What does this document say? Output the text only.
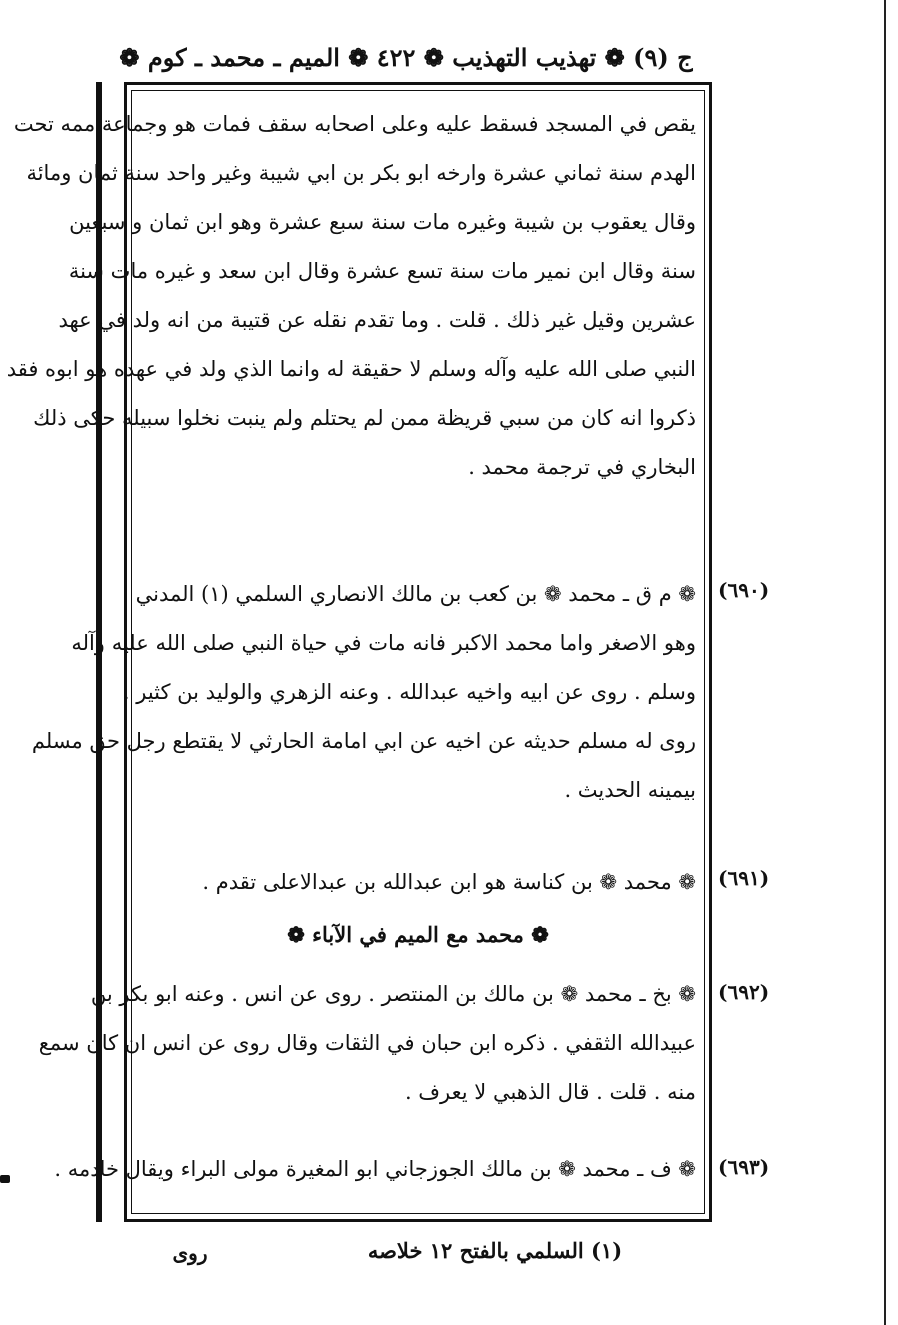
ج (٩) ❁ تهذيب التهذيب ❁ ٤٢٢ ❁ الميم ـ محمد ـ كوم ❁
يقص في المسجد فسقط عليه وعلى اصحابه سقف فمات هو وجماعة ممه تحت
الهدم سنة ثماني عشرة وارخه ابو بكر بن ابي شيبة وغير واحد سنة ثمان ومائة
وقال يعقوب بن شيبة وغيره مات سنة سبع عشرة وهو ابن ثمان و سبعين
سنة وقال ابن نمير مات سنة تسع عشرة وقال ابن سعد و غيره مات سنة
عشرين وقيل غير ذلك . قلت . وما تقدم نقله عن قتيبة من انه ولد في عهد
النبي صلى الله عليه وآله وسلم لا حقيقة له وانما الذي ولد في عهده هو ابوه فقد
ذكروا انه كان من سبي قريظة ممن لم يحتلم ولم ينبت نخلوا سبيله حكى ذلك
البخاري في ترجمة محمد .
(٦٩٠)
❁ م ق ـ محمد ❁ بن كعب بن مالك الانصاري السلمي (١) المدني
وهو الاصغر واما محمد الاكبر فانه مات في حياة النبي صلى الله عليه وآله
وسلم . روى عن ابيه واخيه عبدالله . وعنه الزهري والوليد بن كثير .
روى له مسلم حديثه عن اخيه عن ابي امامة الحارثي لا يقتطع رجل حق مسلم
بيمينه الحديث .
(٦٩١)
❁ محمد ❁ بن كناسة هو ابن عبدالله بن عبدالاعلى تقدم .
❁ محمد مع الميم في الآباء ❁
(٦٩٢)
❁ بخ ـ محمد ❁ بن مالك بن المنتصر . روى عن انس . وعنه ابو بكر بن
عبيدالله الثقفي . ذكره ابن حبان في الثقات وقال روى عن انس ان كان سمع
منه . قلت . قال الذهبي لا يعرف .
(٦٩٣)
❁ ف ـ محمد ❁ بن مالك الجوزجاني ابو المغيرة مولى البراء ويقال خادمه .
(١) السلمي بالفتح ١٢ خلاصه
روى
